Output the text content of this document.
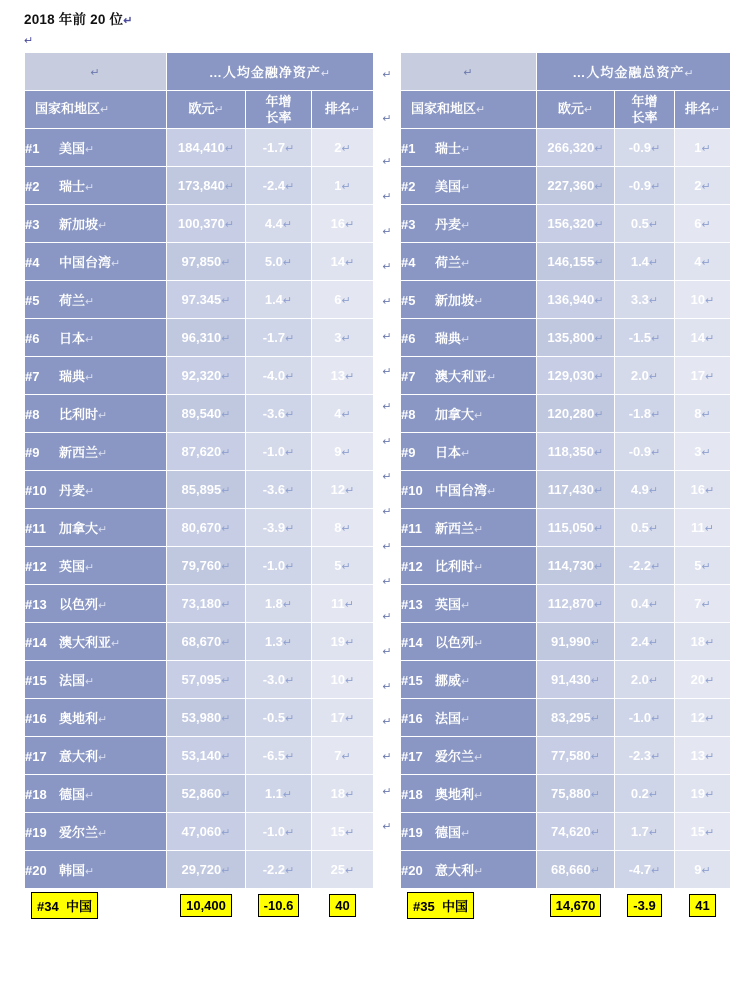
2018 年前 20 位↵
↵
↵	…人均金融净资产↵		
国家和地区↵	欧元↵	年增
长率	排名↵
#1 美国↵	184,410↵	-1.7↵	2↵
#2 瑞士↵	173,840↵	-2.4↵	1↵
#3 新加坡↵	100,370↵	4.4↵	16↵
#4 中国台湾↵	97,850↵	5.0↵	14↵
#5 荷兰↵	97.345↵	1.4↵	6↵
#6 日本↵	96,310↵	-1.7↵	3↵
#7 瑞典↵	92,320↵	-4.0↵	13↵
#8 比利时↵	89,540↵	-3.6↵	4↵
#9 新西兰↵	87,620↵	-1.0↵	9↵
#10 丹麦↵	85,895↵	-3.6↵	12↵
#11 加拿大↵	80,670↵	-3.9↵	8↵
#12 英国↵	79,760↵	-1.0↵	5↵
#13 以色列↵	73,180↵	1.8↵	11↵
#14 澳大利亚↵	68,670↵	1.3↵	19↵
#15 法国↵	57,095↵	-3.0↵	10↵
#16 奥地利↵	53,980↵	-0.5↵	17↵
#17 意大利↵	53,140↵	-6.5↵	7↵
#18 德国↵	52,860↵	1.1↵	18↵
#19 爱尔兰↵	47,060↵	-1.0↵	15↵
#20 韩国↵	29,720↵	-2.2↵	25↵
#34 中国	10,400	-10.6	40
↵
↵
↵
↵
↵
↵
↵
↵
↵
↵
↵
↵
↵
↵
↵
↵
↵
↵
↵
↵
↵
↵
↵	…人均金融总资产↵		
国家和地区↵	欧元↵	年增
长率	排名↵
#1 瑞士↵	266,320↵	-0.9↵	1↵
#2 美国↵	227,360↵	-0.9↵	2↵
#3 丹麦↵	156,320↵	0.5↵	6↵
#4 荷兰↵	146,155↵	1.4↵	4↵
#5 新加坡↵	136,940↵	3.3↵	10↵
#6 瑞典↵	135,800↵	-1.5↵	14↵
#7 澳大利亚↵	129,030↵	2.0↵	17↵
#8 加拿大↵	120,280↵	-1.8↵	8↵
#9 日本↵	118,350↵	-0.9↵	3↵
#10 中国台湾↵	117,430↵	4.9↵	16↵
#11 新西兰↵	115,050↵	0.5↵	11↵
#12 比利时↵	114,730↵	-2.2↵	5↵
#13 英国↵	112,870↵	0.4↵	7↵
#14 以色列↵	91,990↵	2.4↵	18↵
#15 挪威↵	91,430↵	2.0↵	20↵
#16 法国↵	83,295↵	-1.0↵	12↵
#17 爱尔兰↵	77,580↵	-2.3↵	13↵
#18 奥地利↵	75,880↵	0.2↵	19↵
#19 德国↵	74,620↵	1.7↵	15↵
#20 意大利↵	68,660↵	-4.7↵	9↵
#35 中国	14,670	-3.9	41
